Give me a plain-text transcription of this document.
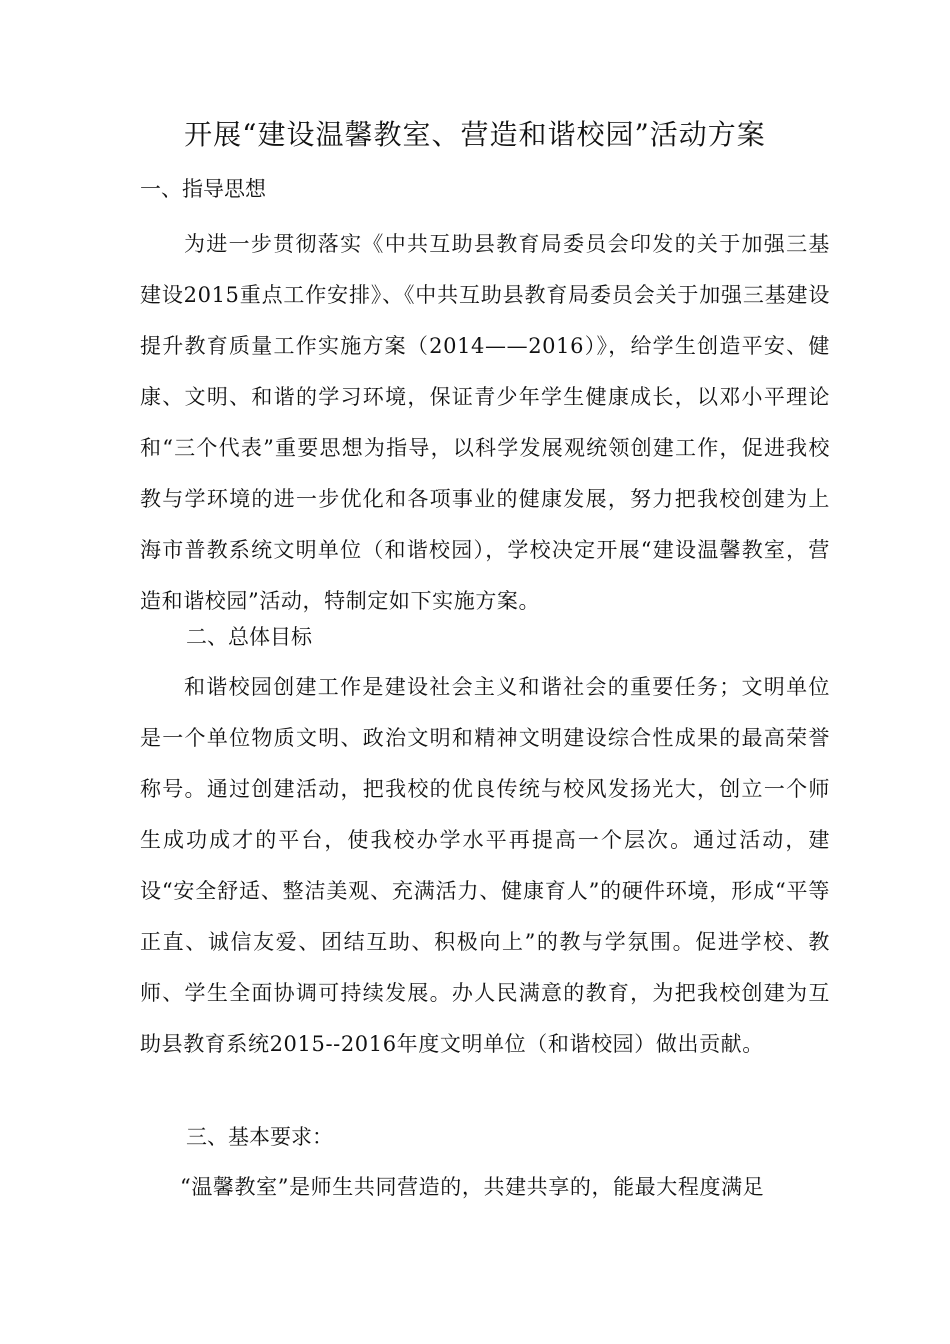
开展“建设温馨教室、营造和谐校园”活动方案
一、指导思想
为进一步贯彻落实《中共互助县教育局委员会印发的关于加强三基建设2015重点工作安排》、《中共互助县教育局委员会关于加强三基建设提升教育质量工作实施方案（2014——2016）》，给学生创造平安、健康、文明、和谐的学习环境，保证青少年学生健康成长，以邓小平理论和“三个代表”重要思想为指导，以科学发展观统领创建工作，促进我校教与学环境的进一步优化和各项事业的健康发展，努力把我校创建为上海市普教系统文明单位（和谐校园），学校决定开展“建设温馨教室，营造和谐校园”活动，特制定如下实施方案。
二、总体目标
和谐校园创建工作是建设社会主义和谐社会的重要任务；文明单位是一个单位物质文明、政治文明和精神文明建设综合性成果的最高荣誉称号。通过创建活动，把我校的优良传统与校风发扬光大，创立一个师生成功成才的平台，使我校办学水平再提高一个层次。通过活动，建设“安全舒适、整洁美观、充满活力、健康育人”的硬件环境，形成“平等正直、诚信友爱、团结互助、积极向上”的教与学氛围。促进学校、教师、学生全面协调可持续发展。办人民满意的教育，为把我校创建为互助县教育系统2015--2016年度文明单位（和谐校园）做出贡献。
三、基本要求：
“温馨教室”是师生共同营造的，共建共享的，能最大程度满足
